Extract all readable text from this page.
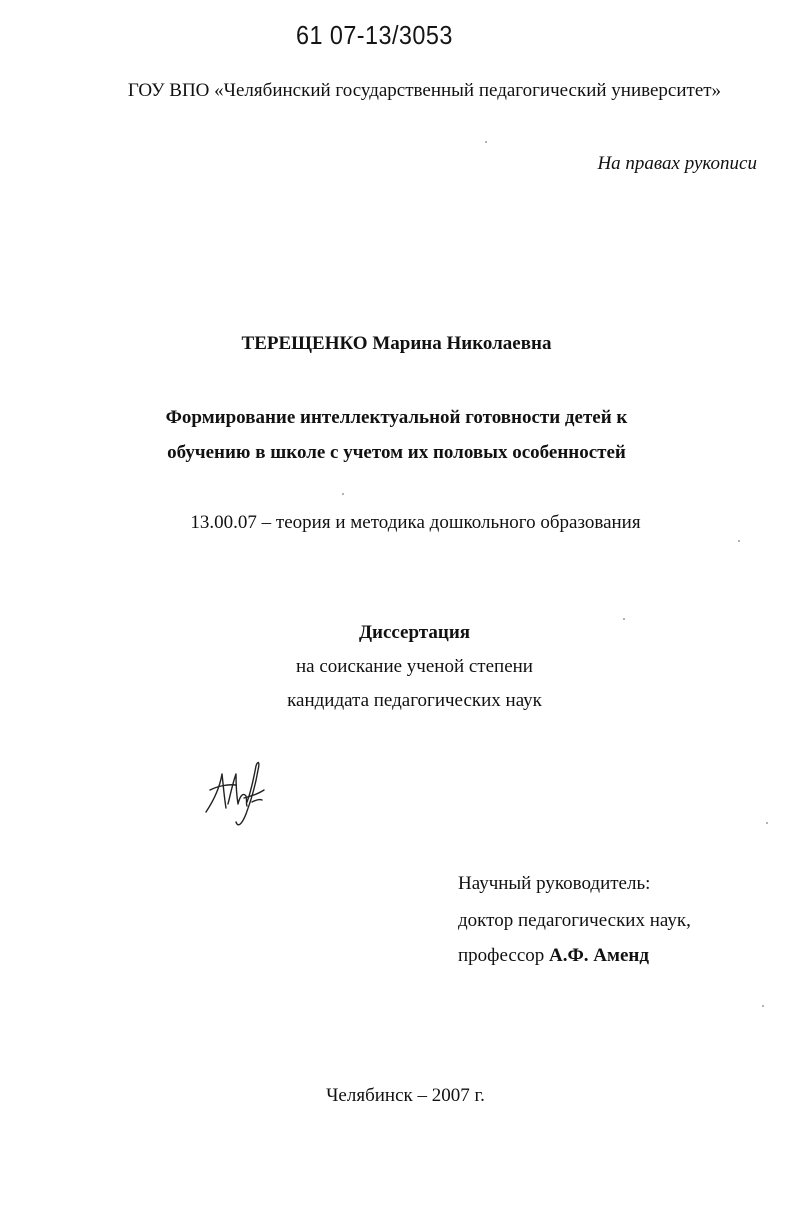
61 07-13/3053
ГОУ ВПО «Челябинский государственный педагогический университет»
На правах рукописи
ТЕРЕЩЕНКО Марина Николаевна
Формирование интеллектуальной готовности детей к
обучению в школе с учетом их половых особенностей
13.00.07 – теория и методика дошкольного образования
Диссертация
на соискание ученой степени
кандидата педагогических наук
Научный руководитель:
доктор педагогических наук,
профессор А.Ф. Аменд
Челябинск – 2007 г.
